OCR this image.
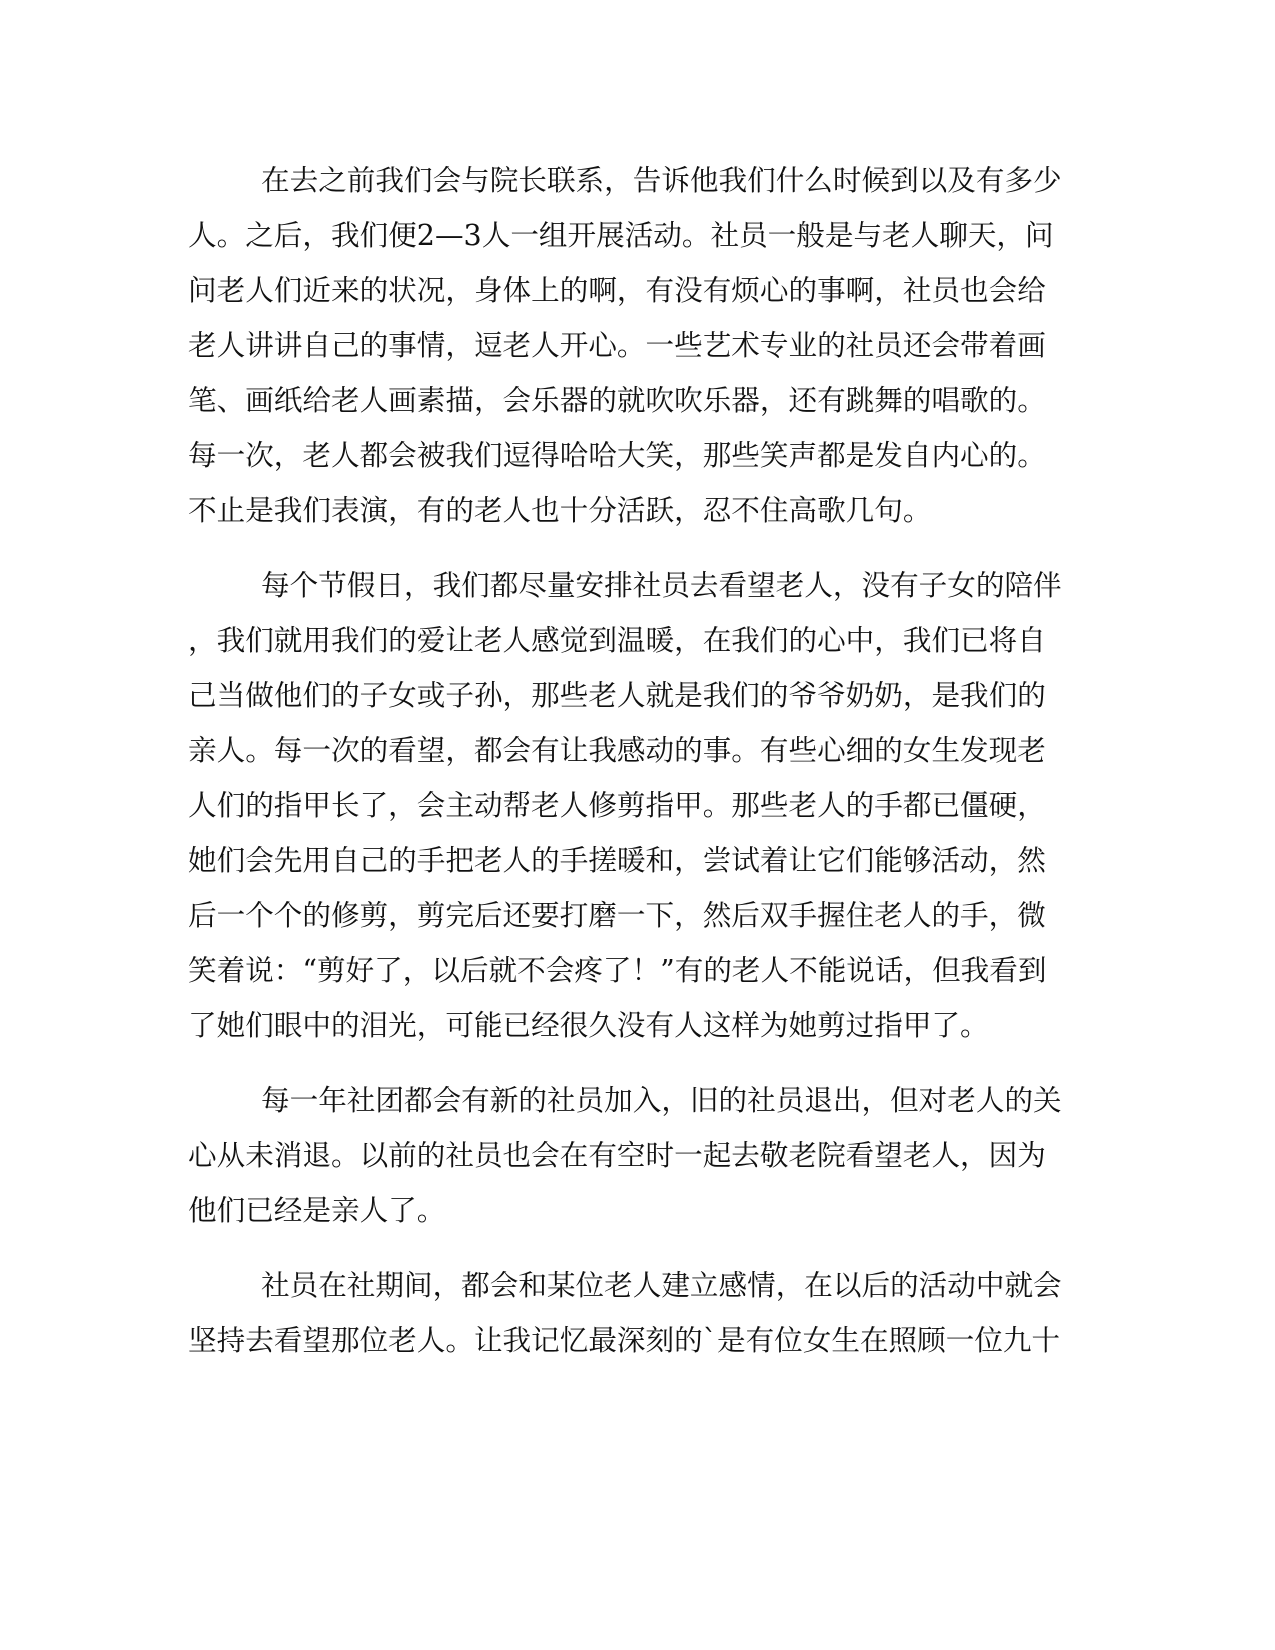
在去之前我们会与院长联系，告诉他我们什么时候到以及有多少
人。之后，我们便2—3人一组开展活动。社员一般是与老人聊天，问
问老人们近来的状况，身体上的啊，有没有烦心的事啊，社员也会给
老人讲讲自己的事情，逗老人开心。一些艺术专业的社员还会带着画
笔、画纸给老人画素描，会乐器的就吹吹乐器，还有跳舞的唱歌的。
每一次，老人都会被我们逗得哈哈大笑，那些笑声都是发自内心的。
不止是我们表演，有的老人也十分活跃，忍不住高歌几句。
每个节假日，我们都尽量安排社员去看望老人，没有子女的陪伴
，我们就用我们的爱让老人感觉到温暖，在我们的心中，我们已将自
己当做他们的子女或子孙，那些老人就是我们的爷爷奶奶，是我们的
亲人。每一次的看望，都会有让我感动的事。有些心细的女生发现老
人们的指甲长了，会主动帮老人修剪指甲。那些老人的手都已僵硬，
她们会先用自己的手把老人的手搓暖和，尝试着让它们能够活动，然
后一个个的修剪，剪完后还要打磨一下，然后双手握住老人的手，微
笑着说：“剪好了，以后就不会疼了！”有的老人不能说话，但我看到
了她们眼中的泪光，可能已经很久没有人这样为她剪过指甲了。
每一年社团都会有新的社员加入，旧的社员退出，但对老人的关
心从未消退。以前的社员也会在有空时一起去敬老院看望老人，因为
他们已经是亲人了。
社员在社期间，都会和某位老人建立感情，在以后的活动中就会
坚持去看望那位老人。让我记忆最深刻的`是有位女生在照顾一位九十
